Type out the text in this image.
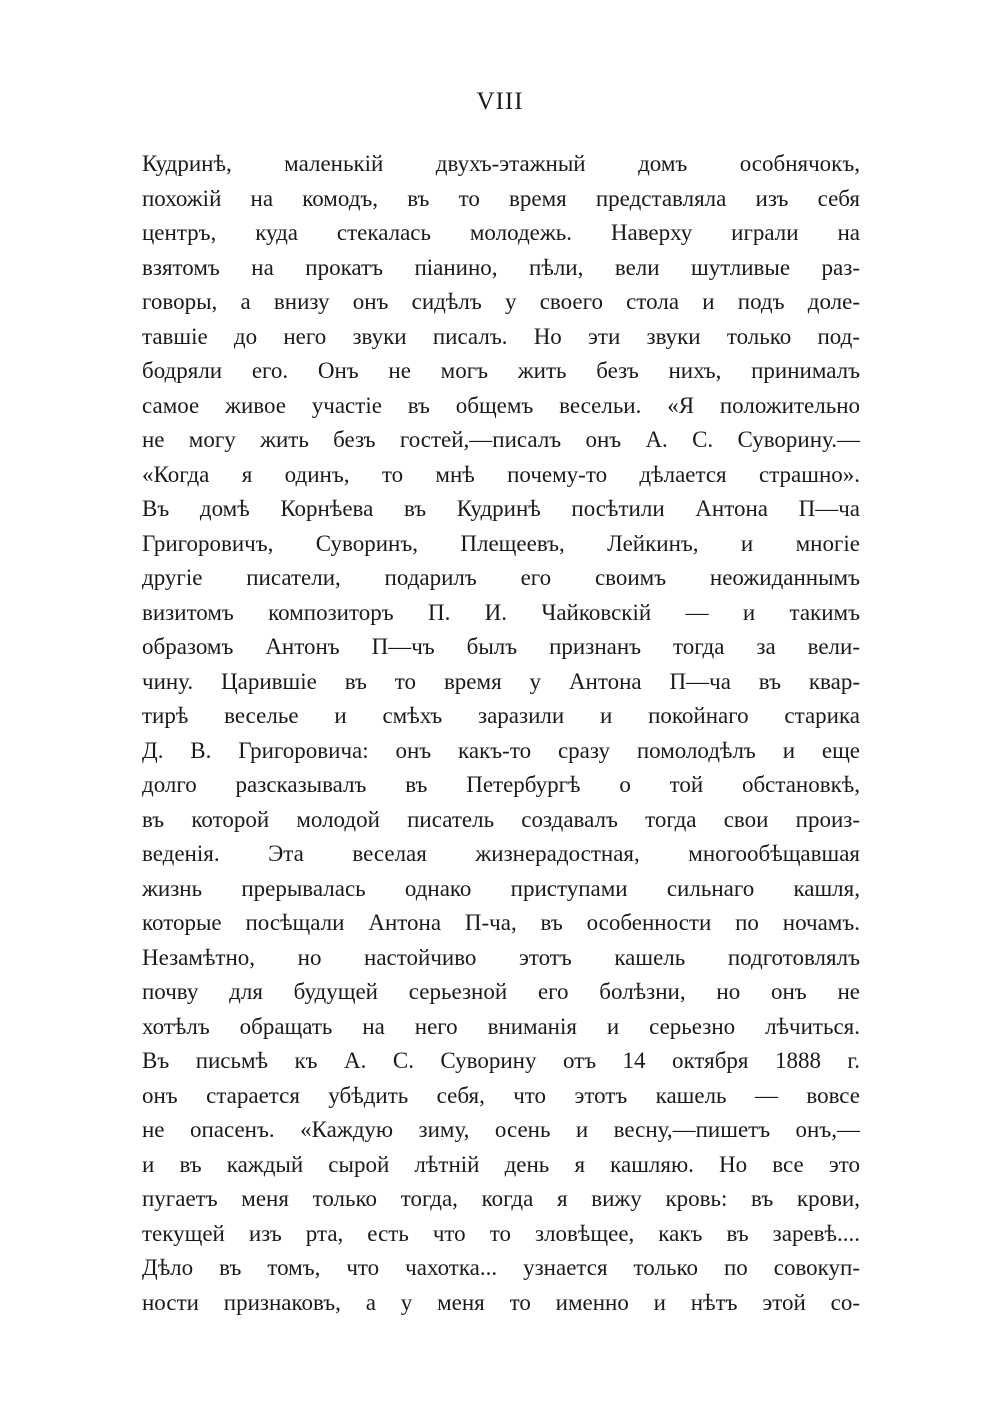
VIII
Кудринѣ, маленькій двухъ-этажный домъ особнячокъ,
похожій на комодъ, въ то время представляла изъ себя
центръ, куда стекалась молодежь. Наверху играли на
взятомъ на прокатъ піанино, пѣли, вели шутливые раз-
говоры, а внизу онъ сидѣлъ у своего стола и подъ доле-
тавшіе до него звуки писалъ. Но эти звуки только под-
бодряли его. Онъ не могъ жить безъ нихъ, принималъ
самое живое участіе въ общемъ весельи. «Я положительно
не могу жить безъ гостей,—писалъ онъ А. С. Суворину.—
«Когда я одинъ, то мнѣ почему-то дѣлается страшно».
Въ домѣ Корнѣева въ Кудринѣ посѣтили Антона П—ча
Григоровичъ, Суворинъ, Плещеевъ, Лейкинъ, и многіе
другіе писатели, подарилъ его своимъ неожиданнымъ
визитомъ композиторъ П. И. Чайковскій — и такимъ
образомъ Антонъ П—чъ былъ признанъ тогда за вели-
чину. Царившіе въ то время у Антона П—ча въ квар-
тирѣ веселье и смѣхъ заразили и покойнаго старика
Д. В. Григоровича: онъ какъ-то сразу помолодѣлъ и еще
долго разсказывалъ въ Петербургѣ о той обстановкѣ,
въ которой молодой писатель создавалъ тогда свои произ-
веденія. Эта веселая жизнерадостная, многообѣщавшая
жизнь прерывалась однако приступами сильнаго кашля,
которые посѣщали Антона П-ча, въ особенности по ночамъ.
Незамѣтно, но настойчиво этотъ кашель подготовлялъ
почву для будущей серьезной его болѣзни, но онъ не
хотѣлъ обращать на него вниманія и серьезно лѣчиться.
Въ письмѣ къ А. С. Суворину отъ 14 октября 1888 г.
онъ старается убѣдить себя, что этотъ кашель — вовсе
не опасенъ. «Каждую зиму, осень и весну,—пишетъ онъ,—
и въ каждый сырой лѣтній день я кашляю. Но все это
пугаетъ меня только тогда, когда я вижу кровь: въ крови,
текущей изъ рта, есть что то зловѣщее, какъ въ заревѣ....
Дѣло въ томъ, что чахотка... узнается только по совокуп-
ности признаковъ, а у меня то именно и нѣтъ этой со-
